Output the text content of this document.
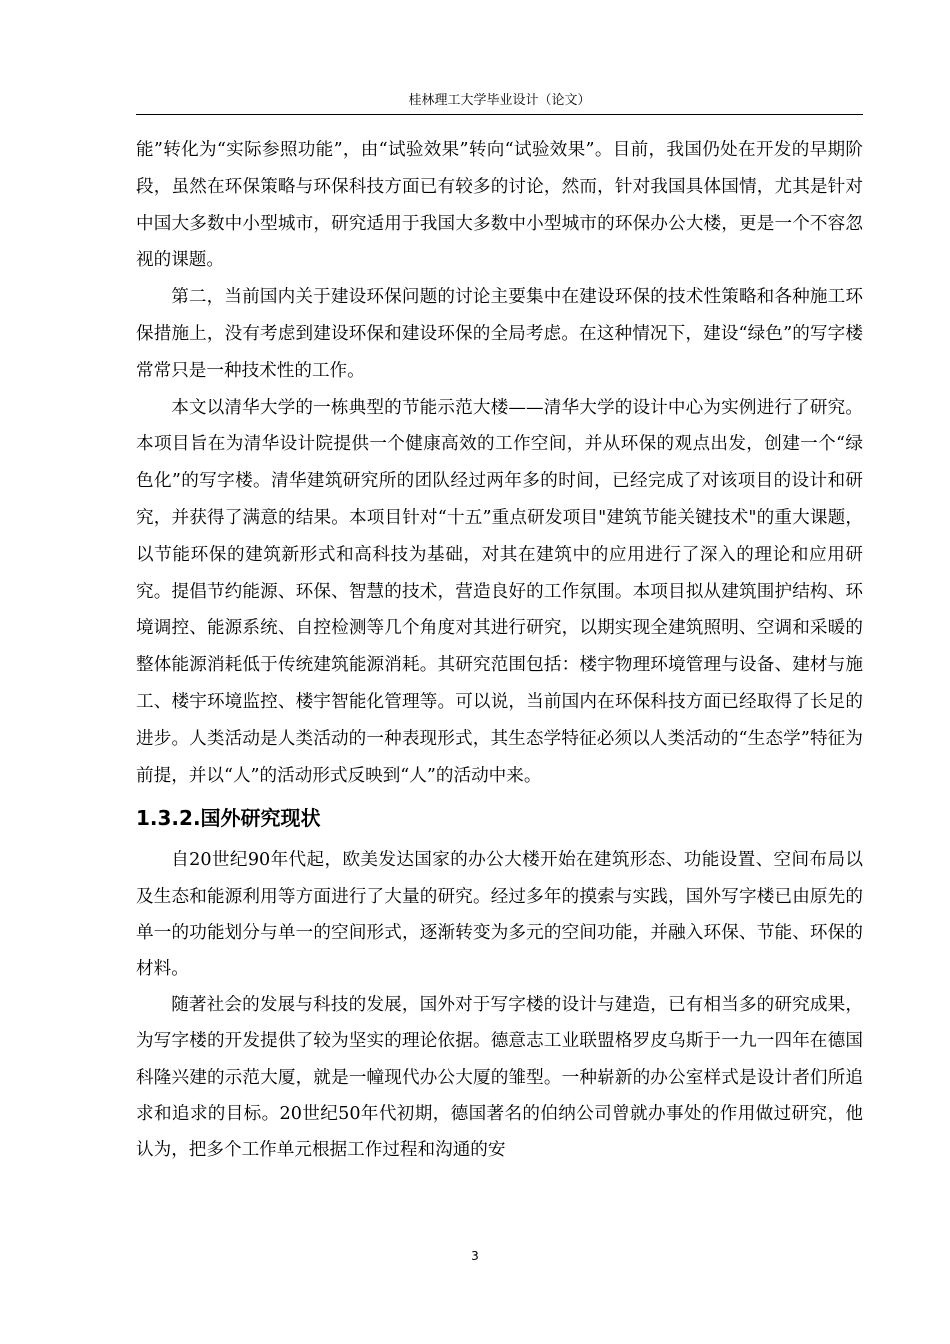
桂林理工大学毕业设计（论文）

能”转化为“实际参照功能”，由“试验效果”转向“试验效果”。目前，我国仍处在开发的早期阶段，虽然在环保策略与环保科技方面已有较多的讨论，然而，针对我国具体国情，尤其是针对中国大多数中小型城市，研究适用于我国大多数中小型城市的环保办公大楼，更是一个不容忽视的课题。

第二，当前国内关于建设环保问题的讨论主要集中在建设环保的技术性策略和各种施工环保措施上，没有考虑到建设环保和建设环保的全局考虑。在这种情况下，建设“绿色”的写字楼常常只是一种技术性的工作。

本文以清华大学的一栋典型的节能示范大楼——清华大学的设计中心为实例进行了研究。本项目旨在为清华设计院提供一个健康高效的工作空间，并从环保的观点出发，创建一个“绿色化”的写字楼。清华建筑研究所的团队经过两年多的时间，已经完成了对该项目的设计和研究，并获得了满意的结果。本项目针对“十五”重点研发项目"建筑节能关键技术"的重大课题，以节能环保的建筑新形式和高科技为基础，对其在建筑中的应用进行了深入的理论和应用研究。提倡节约能源、环保、智慧的技术，营造良好的工作氛围。本项目拟从建筑围护结构、环境调控、能源系统、自控检测等几个角度对其进行研究，以期实现全建筑照明、空调和采暖的整体能源消耗低于传统建筑能源消耗。其研究范围包括：楼宇物理环境管理与设备、建材与施工、楼宇环境监控、楼宇智能化管理等。可以说，当前国内在环保科技方面已经取得了长足的进步。人类活动是人类活动的一种表现形式，其生态学特征必须以人类活动的“生态学”特征为前提，并以“人”的活动形式反映到“人”的活动中来。

1.3.2.国外研究现状

自20世纪90年代起，欧美发达国家的办公大楼开始在建筑形态、功能设置、空间布局以及生态和能源利用等方面进行了大量的研究。经过多年的摸索与实践，国外写字楼已由原先的单一的功能划分与单一的空间形式，逐渐转变为多元的空间功能，并融入环保、节能、环保的材料。

随著社会的发展与科技的发展，国外对于写字楼的设计与建造，已有相当多的研究成果，为写字楼的开发提供了较为坚实的理论依据。德意志工业联盟格罗皮乌斯于一九一四年在德国科隆兴建的示范大厦，就是一幢现代办公大厦的雏型。一种崭新的办公室样式是设计者们所追求和追求的目标。20世纪50年代初期，德国著名的伯纳公司曾就办事处的作用做过研究，他认为，把多个工作单元根据工作过程和沟通的安

3
